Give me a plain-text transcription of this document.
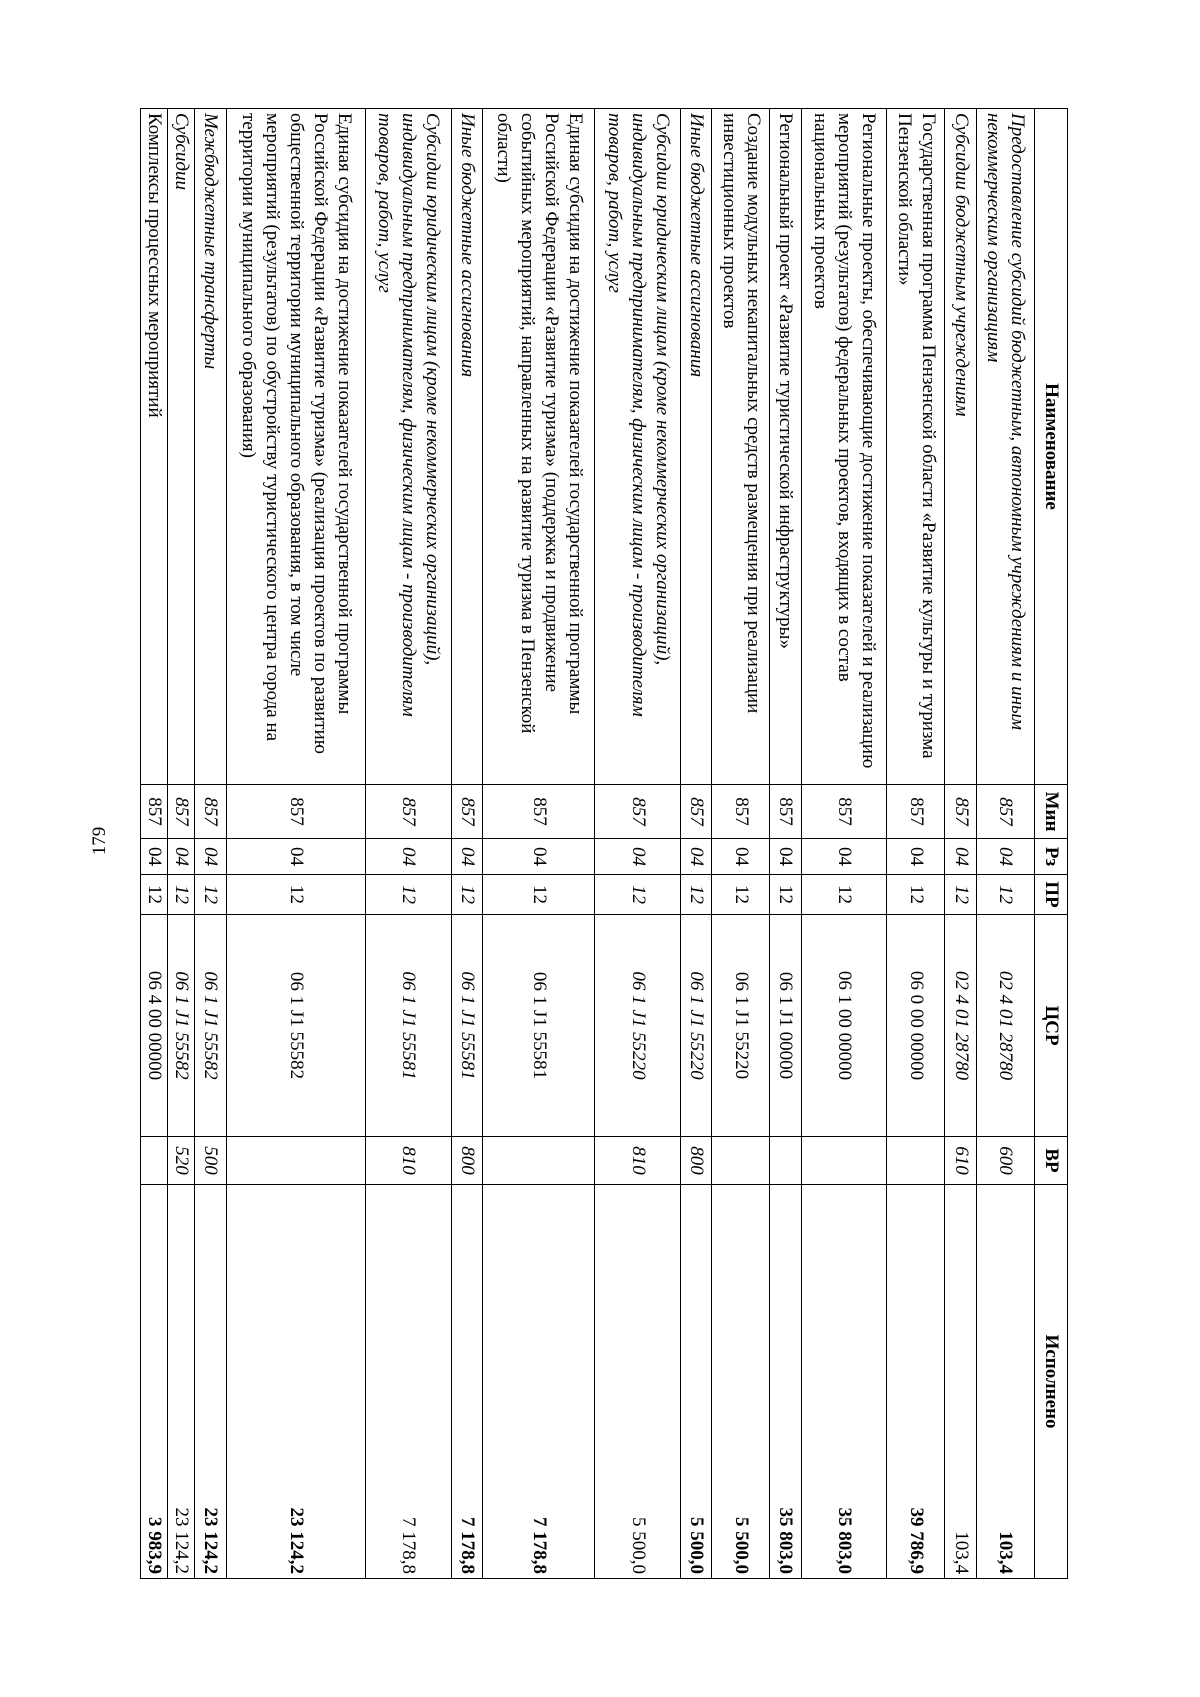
179
Наименование	Мин	Рз	ПР	ЦСР	ВР	Исполнено
Предоставление субсидий бюджетным, автономным учреждениям и иным некоммерческим организациям	857	04	12	02 4 01 28780	600	103,4
Субсидии бюджетным учреждениям	857	04	12	02 4 01 28780	610	103,4
Государственная программа Пензенской области «Развитие культуры и туризма Пензенской области»	857	04	12	06 0 00 00000		39 786,9
Региональные проекты, обеспечивающие достижение показателей и реализацию мероприятий (результатов) федеральных проектов, входящих в состав национальных проектов	857	04	12	06 1 00 00000		35 803,0
Региональный проект «Развитие туристической инфраструктуры»	857	04	12	06 1 J1 00000		35 803,0
Создание модульных некапитальных средств размещения при реализации инвестиционных проектов	857	04	12	06 1 J1 55220		5 500,0
Иные бюджетные ассигнования	857	04	12	06 1 J1 55220	800	5 500,0
Субсидии юридическим лицам (кроме некоммерческих организаций), индивидуальным предпринимателям, физическим лицам - производителям товаров, работ, услуг	857	04	12	06 1 J1 55220	810	5 500,0
Единая субсидия на достижение показателей государственной программы Российской Федерации «Развитие туризма» (поддержка и продвижение событийных мероприятий, направленных на развитие туризма в Пензенской области)	857	04	12	06 1 J1 55581		7 178,8
Иные бюджетные ассигнования	857	04	12	06 1 J1 55581	800	7 178,8
Субсидии юридическим лицам (кроме некоммерческих организаций), индивидуальным предпринимателям, физическим лицам - производителям товаров, работ, услуг	857	04	12	06 1 J1 55581	810	7 178,8
Единая субсидия на достижение показателей государственной программы Российской Федерации «Развитие туризма» (реализация проектов по развитию общественной территории муниципального образования, в том числе мероприятий (результатов) по обустройству туристического центра города на территории муниципального образования)	857	04	12	06 1 J1 55582		23 124,2
Межбюджетные трансферты	857	04	12	06 1 J1 55582	500	23 124,2
Субсидии	857	04	12	06 1 J1 55582	520	23 124,2
Комплексы процессных мероприятий	857	04	12	06 4 00 00000		3 983,9
